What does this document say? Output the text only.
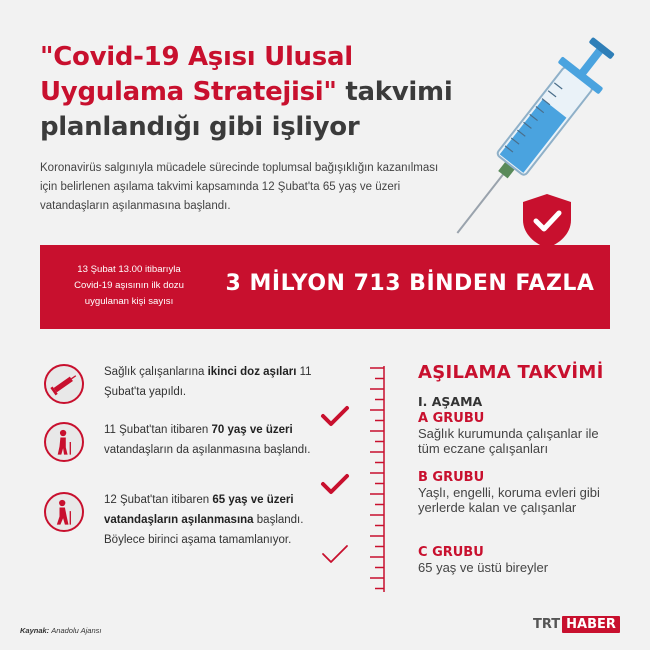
"Covid-19 Aşısı Ulusal
Uygulama Stratejisi" takvimi
planlandığı gibi işliyor
Koronavirüs salgınıyla mücadele sürecinde toplumsal bağışıklığın kazanılması için belirlenen aşılama takvimi kapsamında 12 Şubat'ta 65 yaş ve üzeri vatandaşların aşılanmasına başlandı.
13 Şubat 13.00 itibarıyla
Covid-19 aşısının ilk dozu
uygulanan kişi sayısı
3 MİLYON 713 BİNDEN FAZLA
Sağlık çalışanlarına ikinci doz aşıları 11 Şubat'ta yapıldı.
11 Şubat'tan itibaren 70 yaş ve üzeri vatandaşların da aşılanmasına başlandı.
12 Şubat'tan itibaren 65 yaş ve üzeri vatandaşların aşılanmasına başlandı.
Böylece birinci aşama tamamlanıyor.
AŞILAMA TAKVİMİ
I. AŞAMA
A GRUBU
Sağlık kurumunda çalışanlar ile tüm eczane çalışanları
B GRUBU
Yaşlı, engelli, koruma evleri gibi yerlerde kalan ve çalışanlar
C GRUBU
65 yaş ve üstü bireyler
Kaynak: Anadolu Ajansı	TRT HABER
